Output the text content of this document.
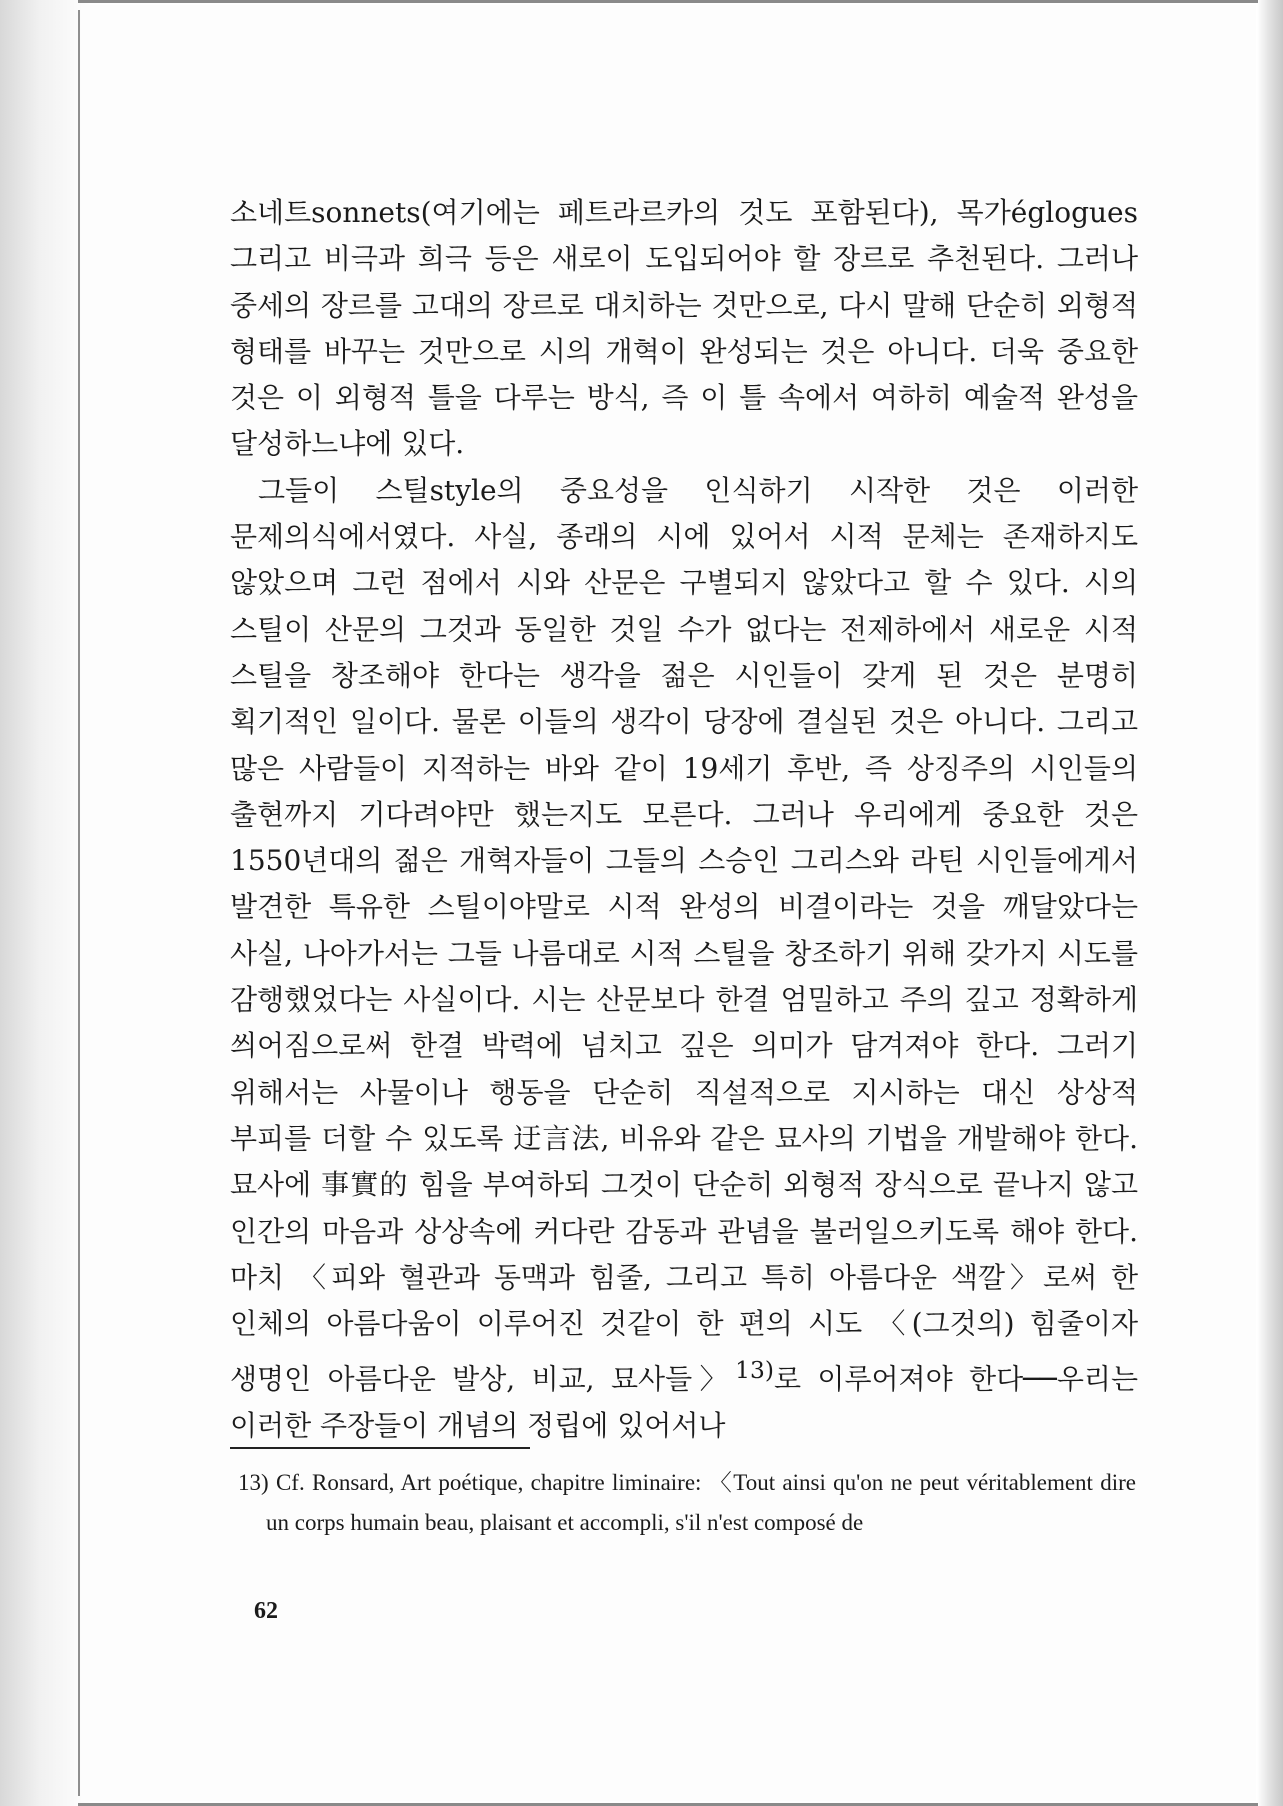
소네트sonnets(여기에는 페트라르카의 것도 포함된다), 목가églogues 그리고 비극과 희극 등은 새로이 도입되어야 할 장르로 추천된다. 그러나 중세의 장르를 고대의 장르로 대치하는 것만으로, 다시 말해 단순히 외형적 형태를 바꾸는 것만으로 시의 개혁이 완성되는 것은 아니다. 더욱 중요한 것은 이 외형적 틀을 다루는 방식, 즉 이 틀 속에서 여하히 예술적 완성을 달성하느냐에 있다.

그들이 스틸style의 중요성을 인식하기 시작한 것은 이러한 문제의식에서였다. 사실, 종래의 시에 있어서 시적 문체는 존재하지도 않았으며 그런 점에서 시와 산문은 구별되지 않았다고 할 수 있다. 시의 스틸이 산문의 그것과 동일한 것일 수가 없다는 전제하에서 새로운 시적 스틸을 창조해야 한다는 생각을 젊은 시인들이 갖게 된 것은 분명히 획기적인 일이다. 물론 이들의 생각이 당장에 결실된 것은 아니다. 그리고 많은 사람들이 지적하는 바와 같이 19세기 후반, 즉 상징주의 시인들의 출현까지 기다려야만 했는지도 모른다. 그러나 우리에게 중요한 것은 1550년대의 젊은 개혁자들이 그들의 스승인 그리스와 라틴 시인들에게서 발견한 특유한 스틸이야말로 시적 완성의 비결이라는 것을 깨달았다는 사실, 나아가서는 그들 나름대로 시적 스틸을 창조하기 위해 갖가지 시도를 감행했었다는 사실이다. 시는 산문보다 한결 엄밀하고 주의 깊고 정확하게 씌어짐으로써 한결 박력에 넘치고 깊은 의미가 담겨져야 한다. 그러기 위해서는 사물이나 행동을 단순히 직설적으로 지시하는 대신 상상적 부피를 더할 수 있도록 迂言法, 비유와 같은 묘사의 기법을 개발해야 한다. 묘사에 事實的 힘을 부여하되 그것이 단순히 외형적 장식으로 끝나지 않고 인간의 마음과 상상속에 커다란 감동과 관념을 불러일으키도록 해야 한다. 마치 〈피와 혈관과 동맥과 힘줄, 그리고 특히 아름다운 색깔〉로써 한 인체의 아름다움이 이루어진 것같이 한 편의 시도 〈(그것의) 힘줄이자 생명인 아름다운 발상, 비교, 묘사들〉$^{13)}$로 이루어져야 한다──우리는 이러한 주장들이 개념의 정립에 있어서나

13) Cf. Ronsard, Art poétique, chapitre liminaire: 〈Tout ainsi qu'on ne peut véritablement dire un corps humain beau, plaisant et accompli, s'il n'est composé de

62
